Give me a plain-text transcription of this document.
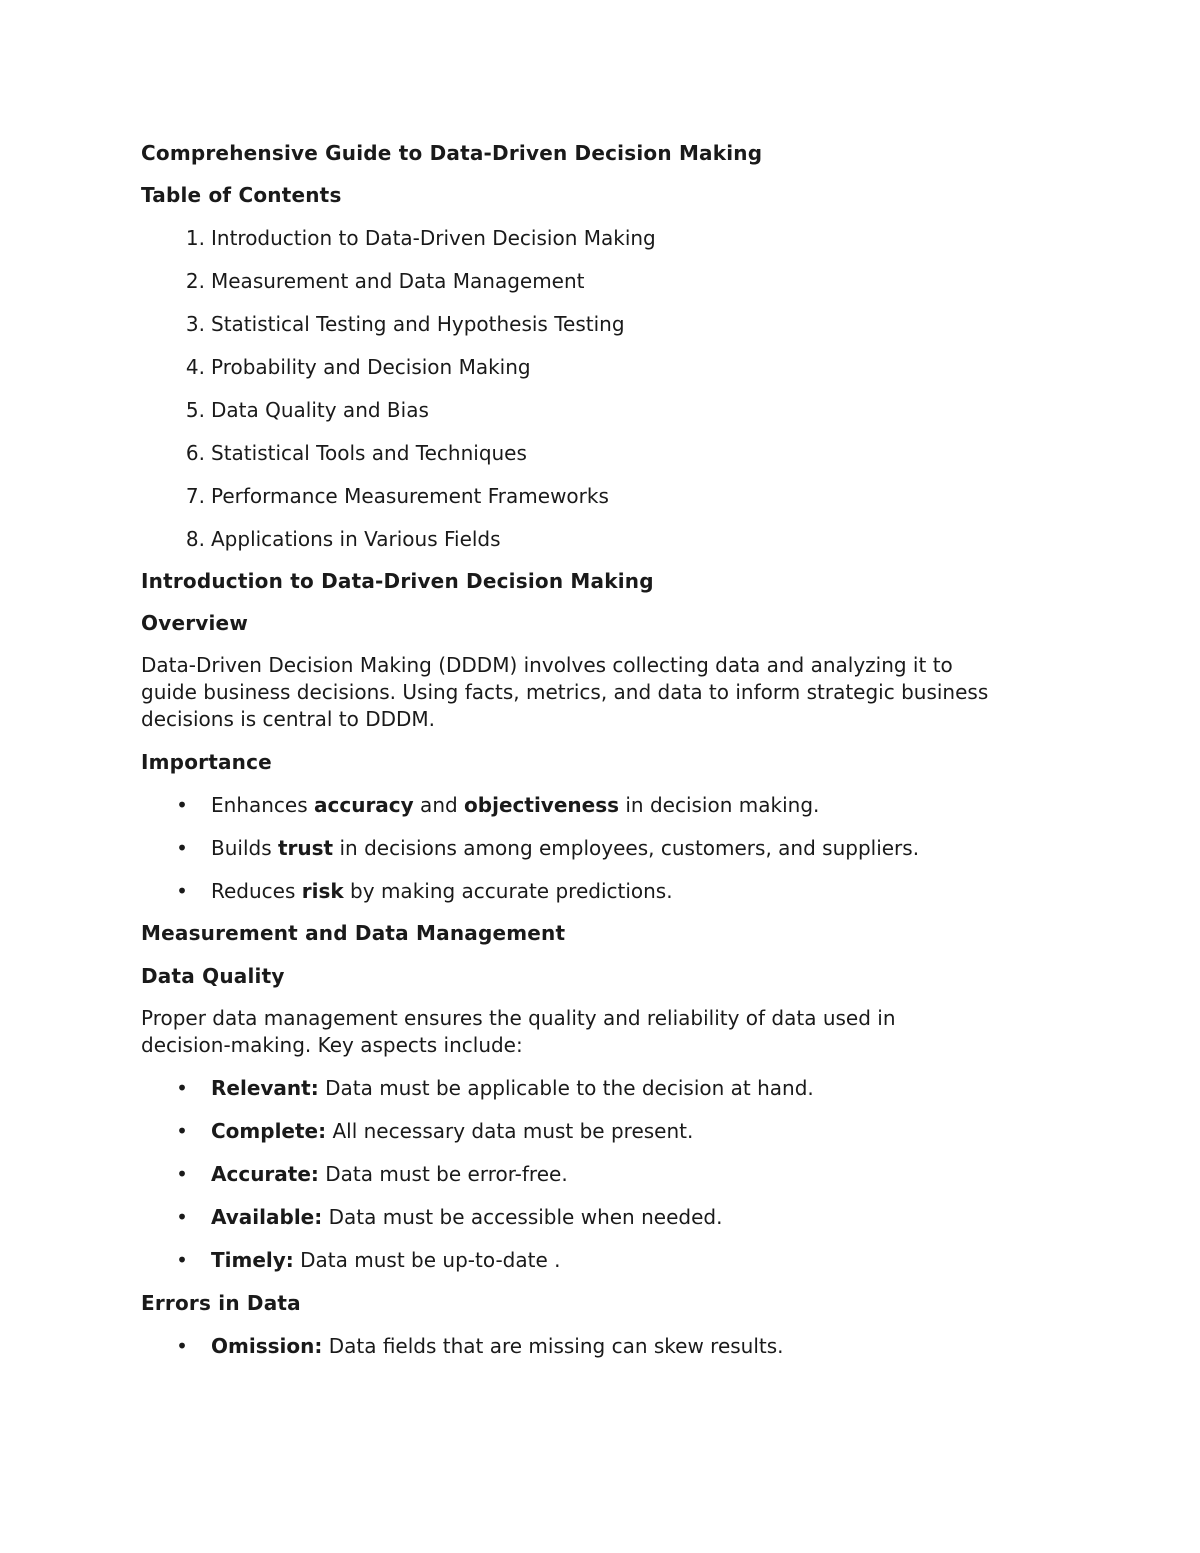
Comprehensive Guide to Data-Driven Decision Making
Table of Contents
1. Introduction to Data-Driven Decision Making
2. Measurement and Data Management
3. Statistical Testing and Hypothesis Testing
4. Probability and Decision Making
5. Data Quality and Bias
6. Statistical Tools and Techniques
7. Performance Measurement Frameworks
8. Applications in Various Fields
Introduction to Data-Driven Decision Making
Overview
Data-Driven Decision Making (DDDM) involves collecting data and analyzing it to
guide business decisions. Using facts, metrics, and data to inform strategic business
decisions is central to DDDM.
Importance
• Enhances accuracy and objectiveness in decision making.
• Builds trust in decisions among employees, customers, and suppliers.
• Reduces risk by making accurate predictions.
Measurement and Data Management
Data Quality
Proper data management ensures the quality and reliability of data used in
decision-making. Key aspects include:
• Relevant: Data must be applicable to the decision at hand.
• Complete: All necessary data must be present.
• Accurate: Data must be error-free.
• Available: Data must be accessible when needed.
• Timely: Data must be up-to-date .
Errors in Data
• Omission: Data fields that are missing can skew results.
